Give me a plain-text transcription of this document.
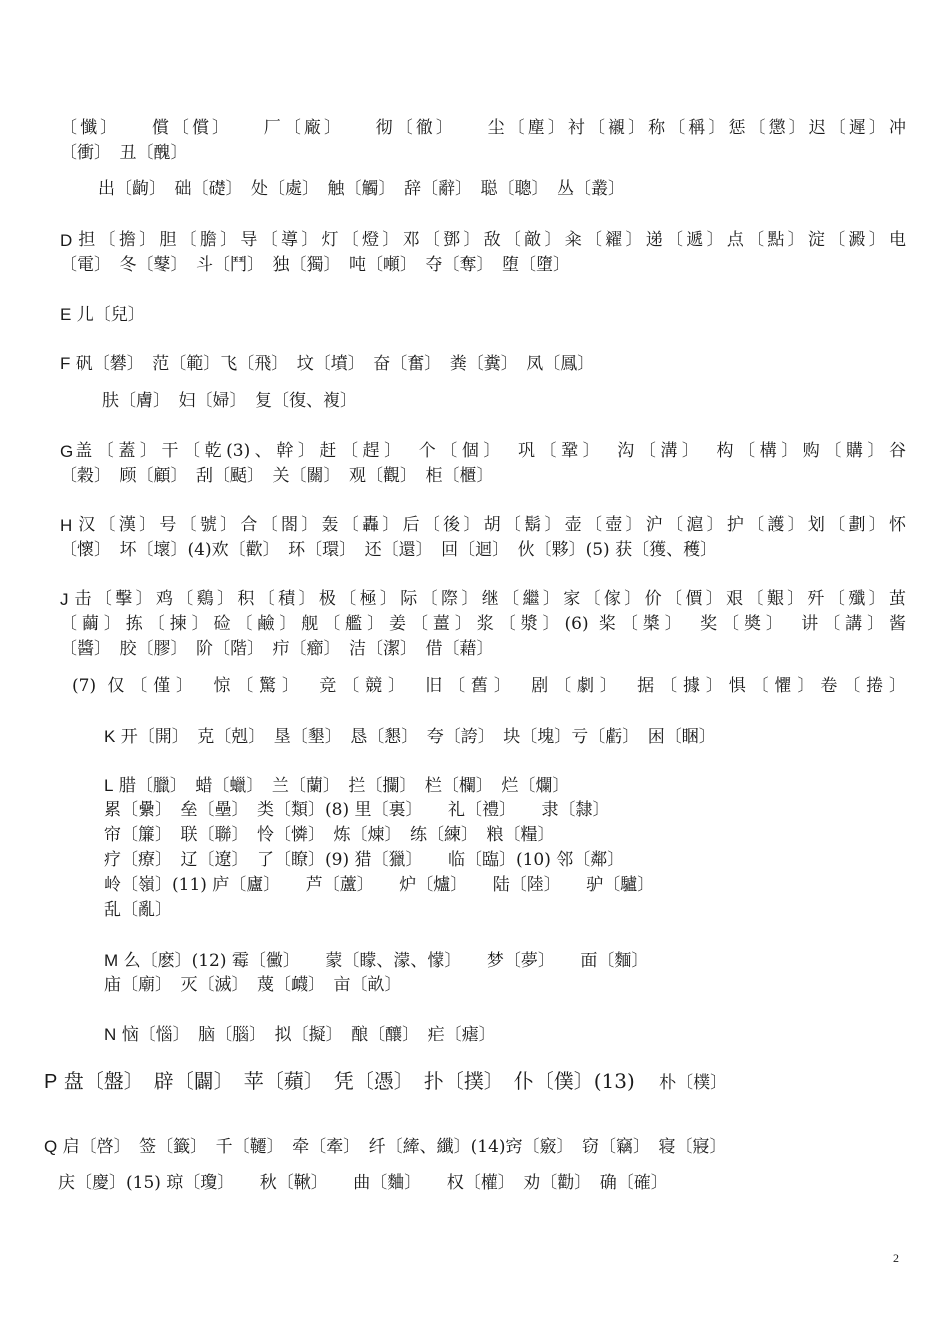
〔懺〕　　償〔償〕　　厂〔廠〕　　彻〔徹〕　　尘〔塵〕衬〔襯〕称〔稱〕惩〔懲〕迟〔遲〕冲
〔衝〕　丑〔醜〕
出〔齣〕　础〔礎〕　处〔處〕　触〔觸〕　辞〔辭〕　聪〔聰〕　丛〔叢〕
D 担〔擔〕胆〔膽〕导〔導〕灯〔燈〕邓〔鄧〕敌〔敵〕籴〔糴〕递〔遞〕点〔點〕淀〔澱〕电
〔電〕　冬〔鼕〕　斗〔鬥〕　独〔獨〕　吨〔噸〕　夺〔奪〕　堕〔墮〕
E 儿〔兒〕
F 矾〔礬〕　范〔範〕飞〔飛〕　坟〔墳〕　奋〔奮〕　粪〔糞〕　凤〔鳳〕
肤〔膚〕　妇〔婦〕　复〔復、複〕
G 盖〔蓋〕干〔乾(3)、幹〕赶〔趕〕　个〔個〕　巩〔鞏〕　沟〔溝〕　构〔構〕购〔購〕谷
〔穀〕　顾〔顧〕　刮〔颳〕　关〔關〕　观〔觀〕　柜〔櫃〕
H 汉〔漢〕号〔號〕合〔閤〕轰〔轟〕后〔後〕胡〔鬍〕壶〔壺〕沪〔滬〕护〔護〕划〔劃〕怀
〔懷〕　坏〔壞〕(4)欢〔歡〕　环〔環〕　还〔還〕　回〔迴〕　伙〔夥〕(5) 获〔獲、穫〕
J 击〔擊〕鸡〔鷄〕积〔積〕极〔極〕际〔際〕继〔繼〕家〔傢〕价〔價〕艰〔艱〕歼〔殲〕茧
〔繭〕拣〔揀〕硷〔鹼〕舰〔艦〕姜〔薑〕浆〔漿〕(6) 桨〔槳〕　奖〔奬〕　讲〔講〕酱
〔醬〕　胶〔膠〕　阶〔階〕　疖〔癤〕　洁〔潔〕　借〔藉〕
(7) 仅〔僅〕　惊〔驚〕　竞〔競〕　旧〔舊〕　剧〔劇〕　据〔據〕惧〔懼〕卷〔捲〕
K 开〔開〕　克〔剋〕　垦〔墾〕　恳〔懇〕　夸〔誇〕　块〔塊〕亏〔虧〕　困〔睏〕
L 腊〔臘〕　蜡〔蠟〕　兰〔蘭〕　拦〔攔〕　栏〔欄〕　烂〔爛〕
累〔纍〕　垒〔壘〕　类〔類〕(8) 里〔裏〕　　礼〔禮〕　　隶〔隸〕
帘〔簾〕　联〔聯〕　怜〔憐〕　炼〔煉〕　练〔練〕　粮〔糧〕
疗〔療〕　辽〔遼〕　了〔瞭〕(9) 猎〔獵〕　　临〔臨〕(10) 邻〔鄰〕
岭〔嶺〕(11) 庐〔廬〕　　芦〔蘆〕　　炉〔爐〕　　陆〔陸〕　　驴〔驢〕
乱〔亂〕
M 么〔麽〕(12) 霉〔黴〕　　蒙〔矇、濛、懞〕　　梦〔夢〕　　面〔麵〕
庙〔廟〕　灭〔滅〕　蔑〔衊〕　亩〔畝〕
N 恼〔惱〕　脑〔腦〕　拟〔擬〕　酿〔釀〕　疟〔瘧〕
P 盘〔盤〕　辟〔闢〕　苹〔蘋〕　凭〔憑〕　扑〔撲〕　仆〔僕〕(13) 朴〔樸〕
Q 启〔啓〕　签〔籤〕　千〔韆〕　牵〔牽〕　纤〔縴、纖〕(14)窍〔竅〕　窃〔竊〕　寝〔寢〕
庆〔慶〕(15) 琼〔瓊〕　　秋〔鞦〕　　曲〔麯〕　　权〔權〕　劝〔勸〕　确〔確〕
2
